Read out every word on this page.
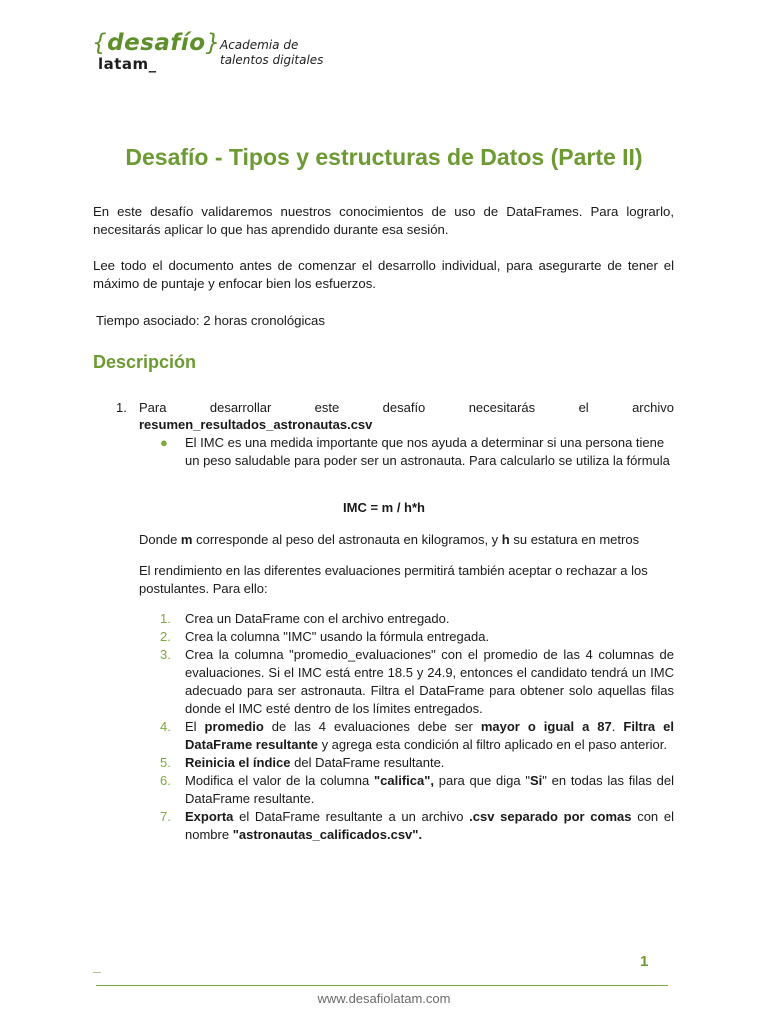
{desafío}
latam_
Academia de
talentos digitales
Desafío - Tipos y estructuras de Datos (Parte II)

En este desafío validaremos nuestros conocimientos de uso de DataFrames. Para lograrlo, necesitarás aplicar lo que has aprendido durante esa sesión.

Lee todo el documento antes de comenzar el desarrollo individual, para asegurarte de tener el máximo de puntaje y enfocar bien los esfuerzos.

Tiempo asociado: 2 horas cronológicas

Descripción
1. Para	desarrollar	este	desafío	necesitarás	el	archivo
resumen_resultados_astronautas.csv
● El IMC es una medida importante que nos ayuda a determinar si una persona tiene un peso saludable para poder ser un astronauta. Para calcularlo se utiliza la fórmula
IMC = m / h*h
Donde m corresponde al peso del astronauta en kilogramos, y h su estatura en metros
El rendimiento en las diferentes evaluaciones permitirá también aceptar o rechazar a los postulantes. Para ello:
1. Crea un DataFrame con el archivo entregado.
2. Crea la columna "IMC" usando la fórmula entregada.
3. Crea la columna "promedio_evaluaciones" con el promedio de las 4 columnas de evaluaciones. Si el IMC está entre 18.5 y 24.9, entonces el candidato tendrá un IMC adecuado para ser astronauta. Filtra el DataFrame para obtener solo aquellas filas donde el IMC esté dentro de los límites entregados.
4. El promedio de las 4 evaluaciones debe ser mayor o igual a 87. Filtra el DataFrame resultante y agrega esta condición al filtro aplicado en el paso anterior.
5. Reinicia el índice del DataFrame resultante.
6. Modifica el valor de la columna "califica", para que diga "Si" en todas las filas del DataFrame resultante.
7. Exporta el DataFrame resultante a un archivo .csv separado por comas con el nombre "astronautas_calificados.csv".
_	1
www.desafiolatam.com
